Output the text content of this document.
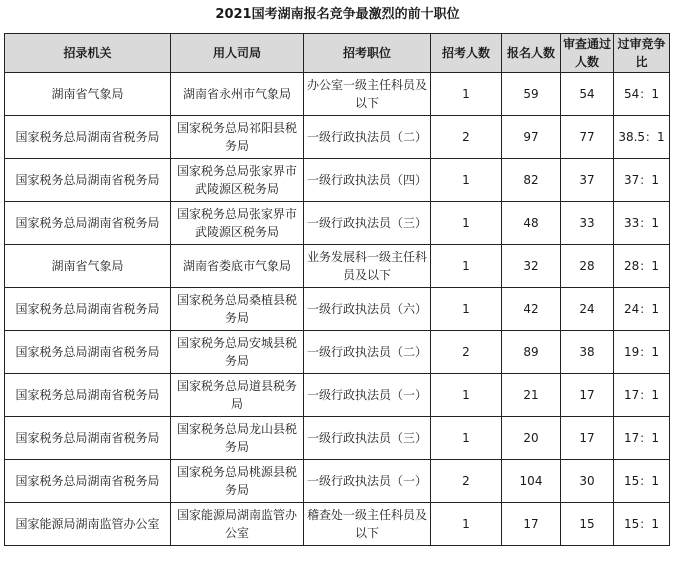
2021国考湖南报名竞争最激烈的前十职位
招录机关	用人司局	招考职位	招考人数	报名人数	审查通过人数	过审竞争比
湖南省气象局	湖南省永州市气象局	办公室一级主任科员及以下	1	59	54	54：1
国家税务总局湖南省税务局	国家税务总局祁阳县税务局	一级行政执法员（二）	2	97	77	38.5：1
国家税务总局湖南省税务局	国家税务总局张家界市武陵源区税务局	一级行政执法员（四）	1	82	37	37：1
国家税务总局湖南省税务局	国家税务总局张家界市武陵源区税务局	一级行政执法员（三）	1	48	33	33：1
湖南省气象局	湖南省娄底市气象局	业务发展科一级主任科员及以下	1	32	28	28：1
国家税务总局湖南省税务局	国家税务总局桑植县税务局	一级行政执法员（六）	1	42	24	24：1
国家税务总局湖南省税务局	国家税务总局安城县税务局	一级行政执法员（二）	2	89	38	19：1
国家税务总局湖南省税务局	国家税务总局道县税务局	一级行政执法员（一）	1	21	17	17：1
国家税务总局湖南省税务局	国家税务总局龙山县税务局	一级行政执法员（三）	1	20	17	17：1
国家税务总局湖南省税务局	国家税务总局桃源县税务局	一级行政执法员（一）	2	104	30	15：1
国家能源局湖南监管办公室	国家能源局湖南监管办公室	稽查处一级主任科员及以下	1	17	15	15：1
